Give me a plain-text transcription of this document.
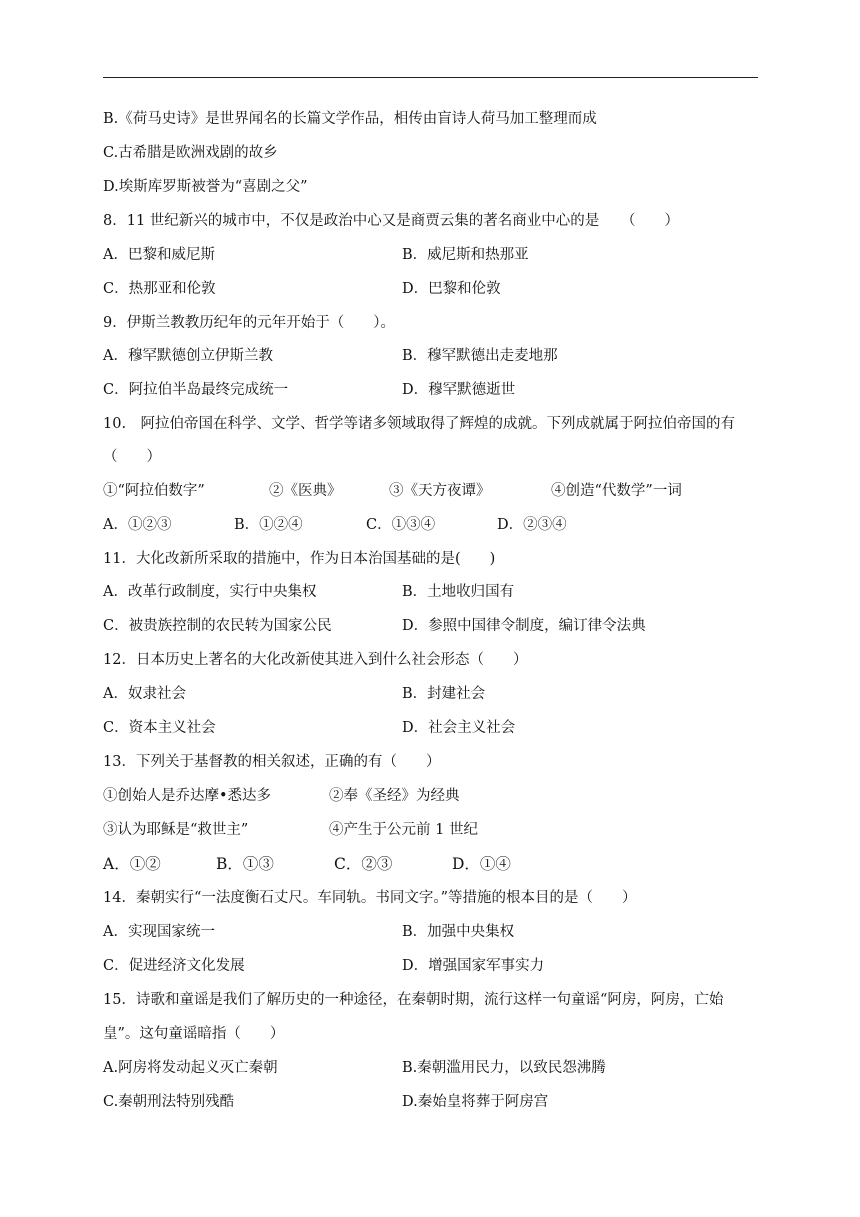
B.《荷马史诗》是世界闻名的长篇文学作品，相传由盲诗人荷马加工整理而成
C.古希腊是欧洲戏剧的故乡
D.埃斯库罗斯被誉为“喜剧之父”
8．11 世纪新兴的城市中，不仅是政治中心又是商贾云集的著名商业中心的是　　（　　）
A．巴黎和威尼斯	B．威尼斯和热那亚
C．热那亚和伦敦	D．巴黎和伦敦
9．伊斯兰教教历纪年的元年开始于（　　）。
A．穆罕默德创立伊斯兰教	B．穆罕默德出走麦地那
C．阿拉伯半岛最终完成统一	D．穆罕默德逝世
10.　阿拉伯帝国在科学、文学、哲学等诸多领域取得了辉煌的成就。下列成就属于阿拉伯帝国的有
（　　）
①“阿拉伯数字”	②《医典》	③《天方夜谭》	④创造“代数学”一词
A．①②③	B．①②④	C．①③④	D．②③④
11．大化改新所采取的措施中，作为日本治国基础的是(　　)
A．改革行政制度，实行中央集权	B．土地收归国有
C．被贵族控制的农民转为国家公民	D．参照中国律令制度，编订律令法典
12．日本历史上著名的大化改新使其进入到什么社会形态（　　）
A．奴隶社会	B．封建社会
C．资本主义社会	D．社会主义社会
13．下列关于基督教的相关叙述，正确的有（　　）
①创始人是乔达摩•悉达多	②奉《圣经》为经典
③认为耶稣是“救世主”	④产生于公元前 1 世纪
A．①②	B．①③	C．②③	D．①④
14．秦朝实行“一法度衡石丈尺。车同轨。书同文字。”等措施的根本目的是（　　）
A．实现国家统一	B．加强中央集权
C．促进经济文化发展	D．增强国家军事实力
15．诗歌和童谣是我们了解历史的一种途径，在秦朝时期，流行这样一句童谣“阿房，阿房，亡始
皇”。这句童谣暗指（　　）
A.阿房将发动起义灭亡秦朝	B.秦朝滥用民力，以致民怨沸腾
C.秦朝刑法特别残酷	D.秦始皇将葬于阿房宫
